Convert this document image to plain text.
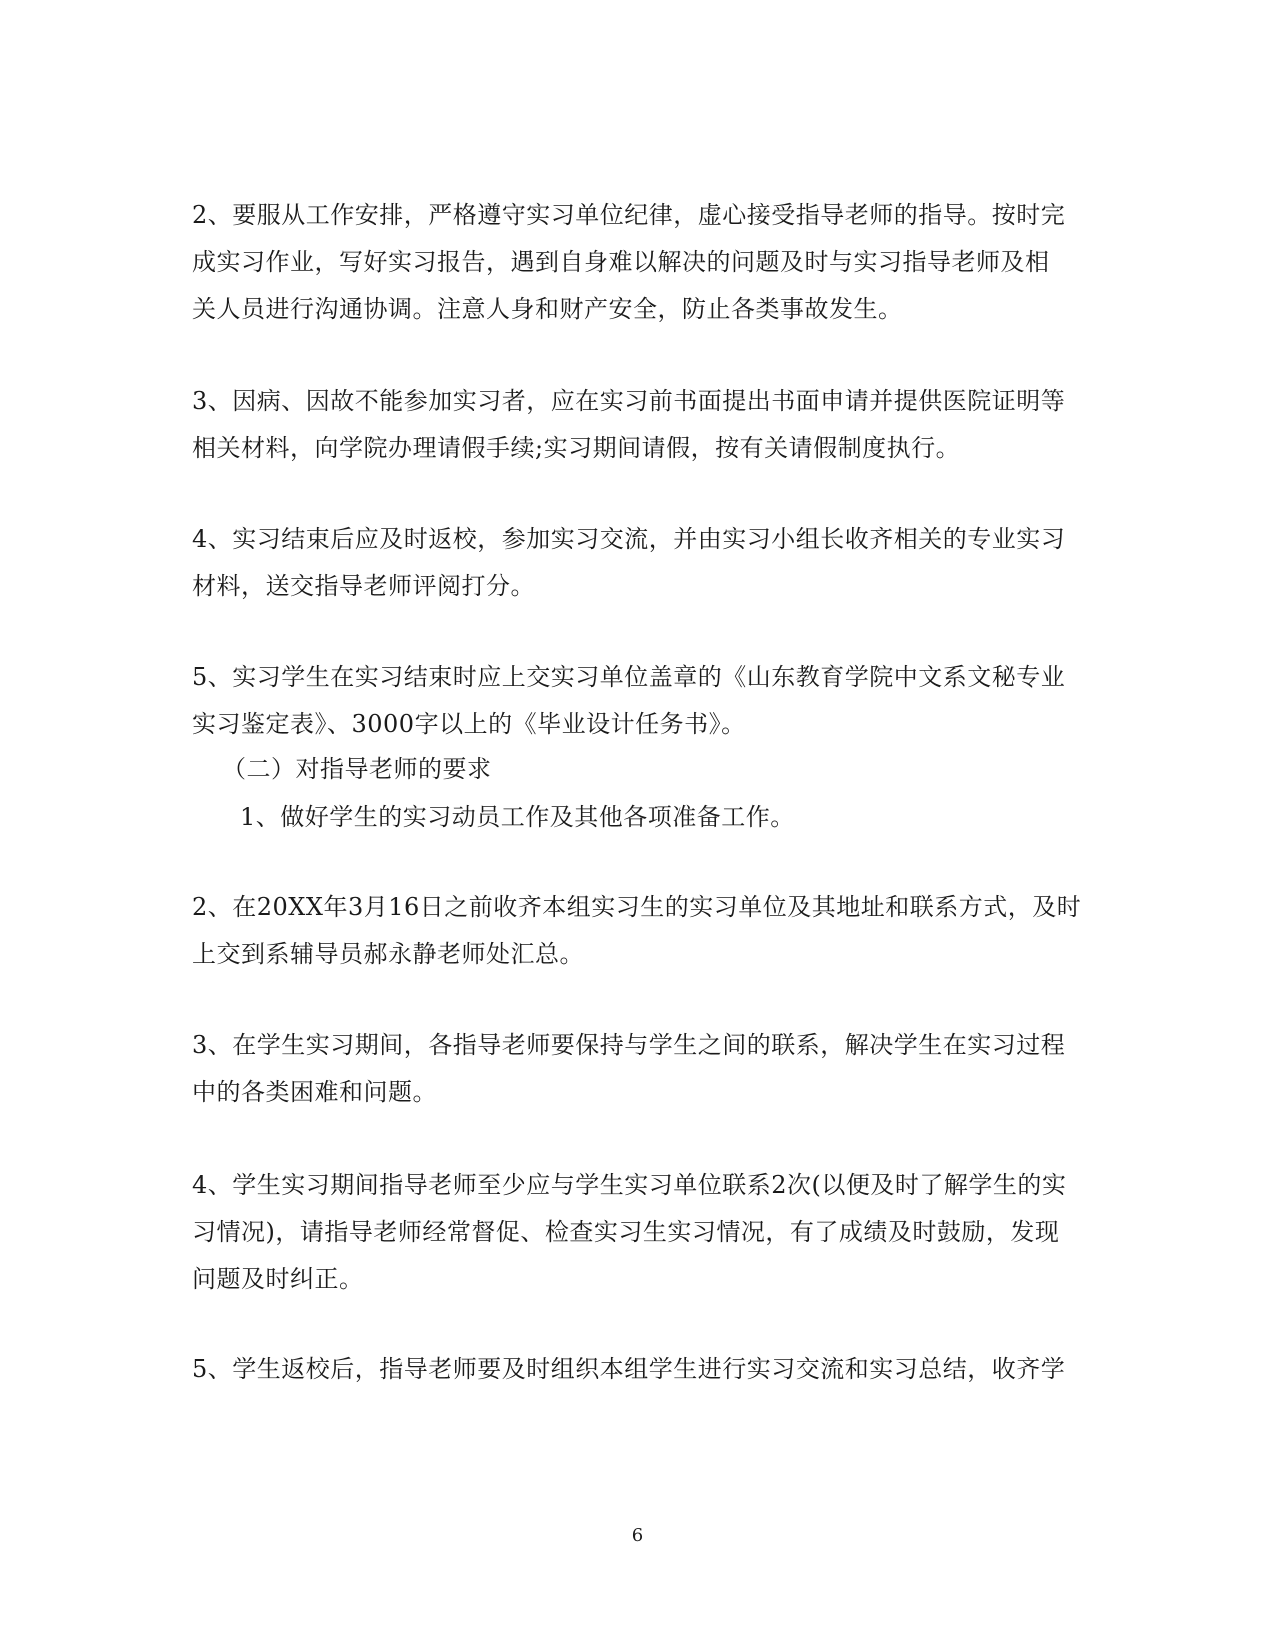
2、要服从工作安排，严格遵守实习单位纪律，虚心接受指导老师的指导。按时完
成实习作业，写好实习报告，遇到自身难以解决的问题及时与实习指导老师及相
关人员进行沟通协调。注意人身和财产安全，防止各类事故发生。

3、因病、因故不能参加实习者，应在实习前书面提出书面申请并提供医院证明等
相关材料，向学院办理请假手续;实习期间请假，按有关请假制度执行。

4、实习结束后应及时返校，参加实习交流，并由实习小组长收齐相关的专业实习
材料，送交指导老师评阅打分。

5、实习学生在实习结束时应上交实习单位盖章的《山东教育学院中文系文秘专业
实习鉴定表》、3000字以上的《毕业设计任务书》。

（二）对指导老师的要求

1、做好学生的实习动员工作及其他各项准备工作。

2、在20XX年3月16日之前收齐本组实习生的实习单位及其地址和联系方式，及时
上交到系辅导员郝永静老师处汇总。

3、在学生实习期间，各指导老师要保持与学生之间的联系，解决学生在实习过程
中的各类困难和问题。

4、学生实习期间指导老师至少应与学生实习单位联系2次(以便及时了解学生的实
习情况)，请指导老师经常督促、检查实习生实习情况，有了成绩及时鼓励，发现
问题及时纠正。

5、学生返校后，指导老师要及时组织本组学生进行实习交流和实习总结，收齐学

6
